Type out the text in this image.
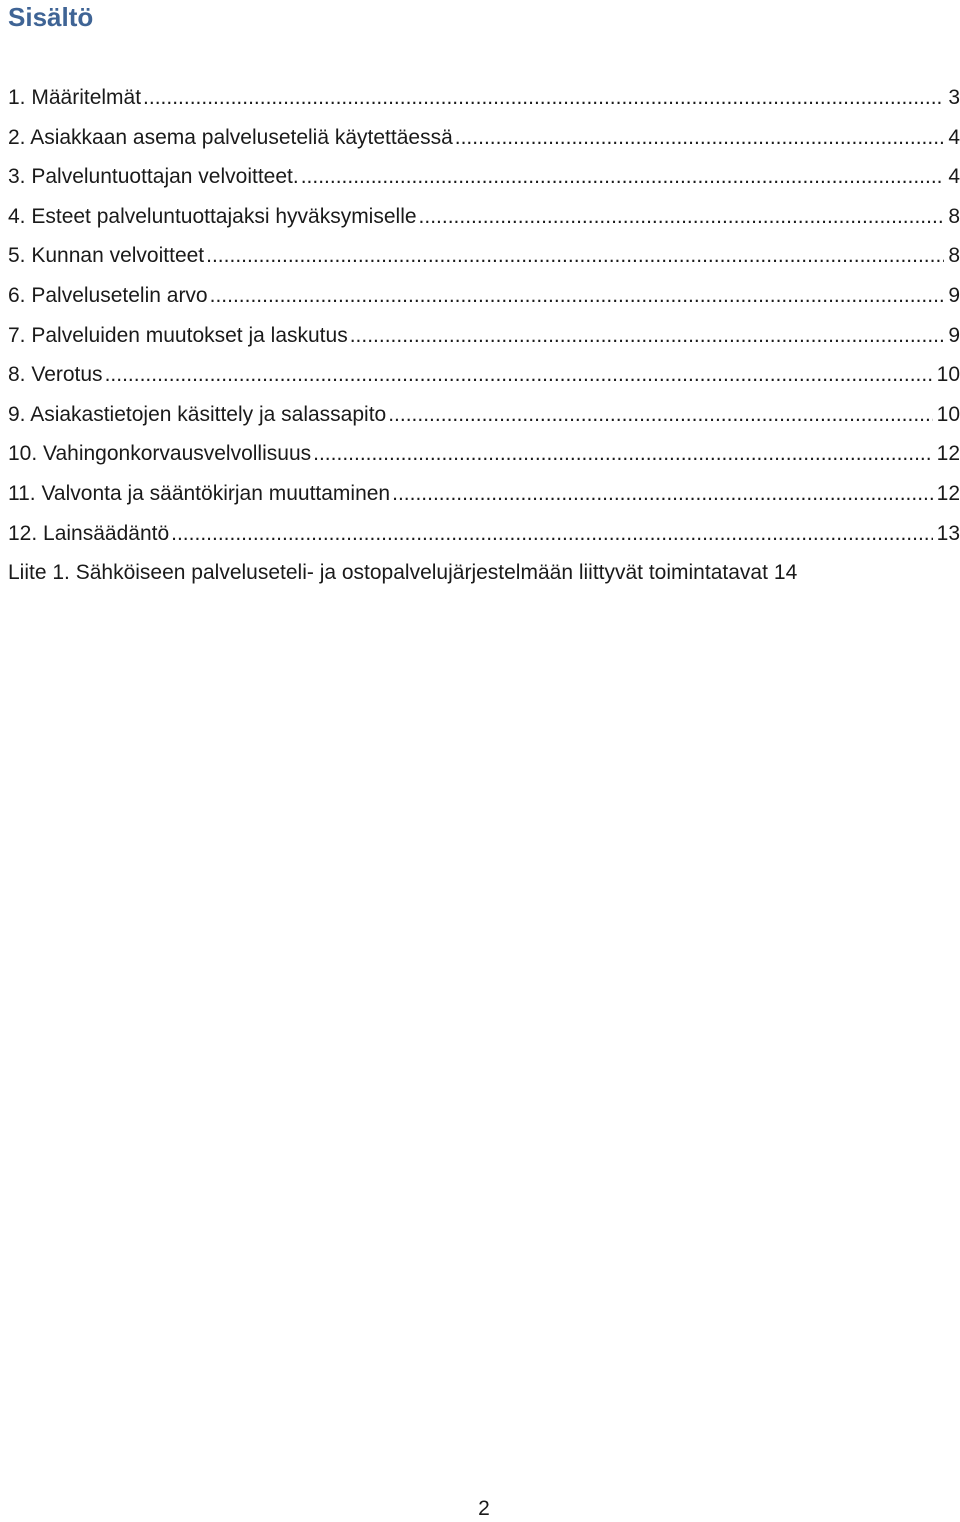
Sisältö
1. Määritelmät .....	3
2. Asiakkaan asema palveluseteliä käytettäessä .....	4
3. Palveluntuottajan velvoitteet. .....	4
4. Esteet palveluntuottajaksi hyväksymiselle .....	8
5. Kunnan velvoitteet .....	8
6. Palvelusetelin arvo .....	9
7. Palveluiden muutokset ja laskutus .....	9
8. Verotus .....	10
9. Asiakastietojen käsittely ja salassapito .....	10
10. Vahingonkorvausvelvollisuus .....	12
11. Valvonta ja sääntökirjan muuttaminen .....	12
12. Lainsäädäntö .....	13
Liite 1. Sähköiseen palveluseteli- ja ostopalvelujärjestelmään liittyvät toimintatavat 14
2
